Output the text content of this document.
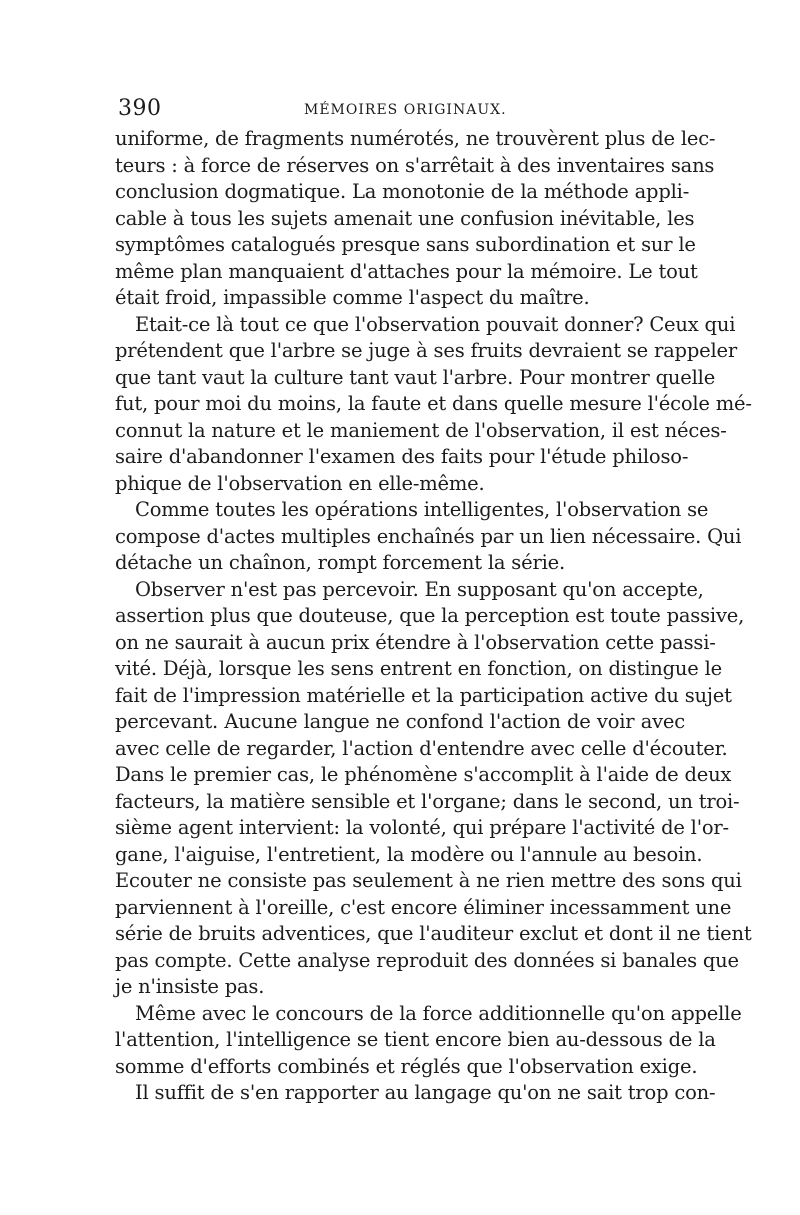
390	MÉMOIRES ORIGINAUX.
uniforme, de fragments numérotés, ne trouvèrent plus de lec-
teurs : à force de réserves on s'arrêtait à des inventaires sans
conclusion dogmatique. La monotonie de la méthode appli-
cable à tous les sujets amenait une confusion inévitable, les
symptômes catalogués presque sans subordination et sur le
même plan manquaient d'attaches pour la mémoire. Le tout
était froid, impassible comme l'aspect du maître.
Etait-ce là tout ce que l'observation pouvait donner? Ceux qui
prétendent que l'arbre se juge à ses fruits devraient se rappeler
que tant vaut la culture tant vaut l'arbre. Pour montrer quelle
fut, pour moi du moins, la faute et dans quelle mesure l'école mé-
connut la nature et le maniement de l'observation, il est néces-
saire d'abandonner l'examen des faits pour l'étude philoso-
phique de l'observation en elle-même.
Comme toutes les opérations intelligentes, l'observation se
compose d'actes multiples enchaînés par un lien nécessaire. Qui
détache un chaînon, rompt forcement la série.
Observer n'est pas percevoir. En supposant qu'on accepte,
assertion plus que douteuse, que la perception est toute passive,
on ne saurait à aucun prix étendre à l'observation cette passi-
vité. Déjà, lorsque les sens entrent en fonction, on distingue le
fait de l'impression matérielle et la participation active du sujet
percevant. Aucune langue ne confond l'action de voir avec
avec celle de regarder, l'action d'entendre avec celle d'écouter.
Dans le premier cas, le phénomène s'accomplit à l'aide de deux
facteurs, la matière sensible et l'organe; dans le second, un troi-
sième agent intervient: la volonté, qui prépare l'activité de l'or-
gane, l'aiguise, l'entretient, la modère ou l'annule au besoin.
Ecouter ne consiste pas seulement à ne rien mettre des sons qui
parviennent à l'oreille, c'est encore éliminer incessamment une
série de bruits adventices, que l'auditeur exclut et dont il ne tient
pas compte. Cette analyse reproduit des données si banales que
je n'insiste pas.
Même avec le concours de la force additionnelle qu'on appelle
l'attention, l'intelligence se tient encore bien au-dessous de la
somme d'efforts combinés et réglés que l'observation exige.
Il suffit de s'en rapporter au langage qu'on ne sait trop con-
